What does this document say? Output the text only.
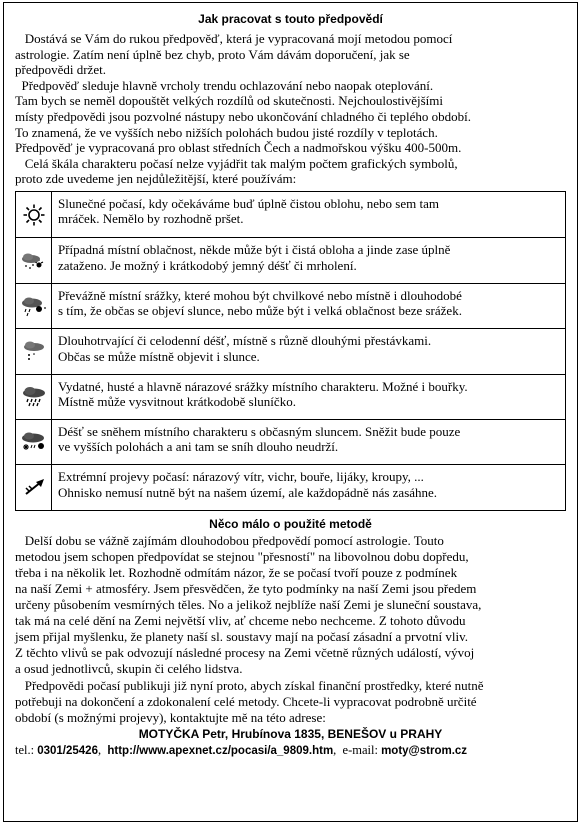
Jak pracovat s touto předpovědí

Dostává se Vám do rukou předpověď, která je vypracovaná mojí metodou pomocí

astrologie. Zatím není úplně bez chyb, proto Vám dávám doporučení, jak se

předpovědi držet.

Předpověď sleduje hlavně vrcholy trendu ochlazování nebo naopak oteplování.

Tam bych se neměl dopouštět velkých rozdílů od skutečnosti. Nejchoulostivějšími

místy předpovědi jsou pozvolné nástupy nebo ukončování chladného či teplého období.

To znamená, že ve vyšších nebo nižších polohách budou jisté rozdíly v teplotách.

Předpověď je vypracovaná pro oblast středních Čech a nadmořskou výšku 400-500m.

Celá škála charakteru počasí nelze vyjádřit tak malým počtem grafických symbolů,

proto zde uvedeme jen nejdůležitější, které používám:

Slunečné počasí, kdy očekáváme buď úplně čistou oblohu, nebo sem tam
mráček. Nemělo by rozhodně pršet.
Případná místní oblačnost, někde může být i čistá obloha a jinde zase úplně
zataženo. Je možný i krátkodobý jemný déšť či mrholení.
Převážně místní srážky, které mohou být chvilkové nebo místně i dlouhodobé
s tím, že občas se objeví slunce, nebo může být i velká oblačnost beze srážek.
Dlouhotrvající či celodenní déšť, místně s různě dlouhými přestávkami.
Občas se může místně objevit i slunce.
Vydatné, husté a hlavně nárazové srážky místního charakteru. Možné i bouřky.
Místně může vysvitnout krátkodobě sluníčko.
Déšť se sněhem místního charakteru s občasným sluncem. Sněžit bude pouze
ve vyšších polohách a ani tam se sníh dlouho neudrží.
Extrémní projevy počasí: nárazový vítr, vichr, bouře, lijáky, kroupy, ...
Ohnisko nemusí nutně být na našem území, ale každopádně nás zasáhne.
Něco málo o použité metodě

Delší dobu se vážně zajímám dlouhodobou předpovědí pomocí astrologie. Touto
metodou jsem schopen předpovídat se stejnou "přesností" na libovolnou dobu dopředu,
třeba i na několik let. Rozhodně odmítám názor, že se počasí tvoří pouze z podmínek
na naší Zemi + atmosféry. Jsem přesvědčen, že tyto podmínky na naší Zemi jsou předem
určeny působením vesmírných těles. No a jelikož nejblíže naší Zemi je sluneční soustava,
tak má na celé dění na Zemi největší vliv, ať chceme nebo nechceme. Z tohoto důvodu
jsem přijal myšlenku, že planety naší sl. soustavy mají na počasí zásadní a prvotní vliv.
Z těchto vlivů se pak odvozují následné procesy na Zemi včetně různých událostí, vývoj
a osud jednotlivců, skupin či celého lidstva.
Předpovědi počasí publikuji již nyní proto, abych získal finanční prostředky, které nutně
potřebuji na dokončení a zdokonalení celé metody. Chcete-li vypracovat podrobně určité
období (s možnými projevy), kontaktujte mě na této adrese:

MOTYČKA Petr, Hrubínova 1835, BENEŠOV u PRAHY
tel.: 0301/25426,  http://www.apexnet.cz/pocasi/a_9809.htm,  e-mail: moty@strom.cz
